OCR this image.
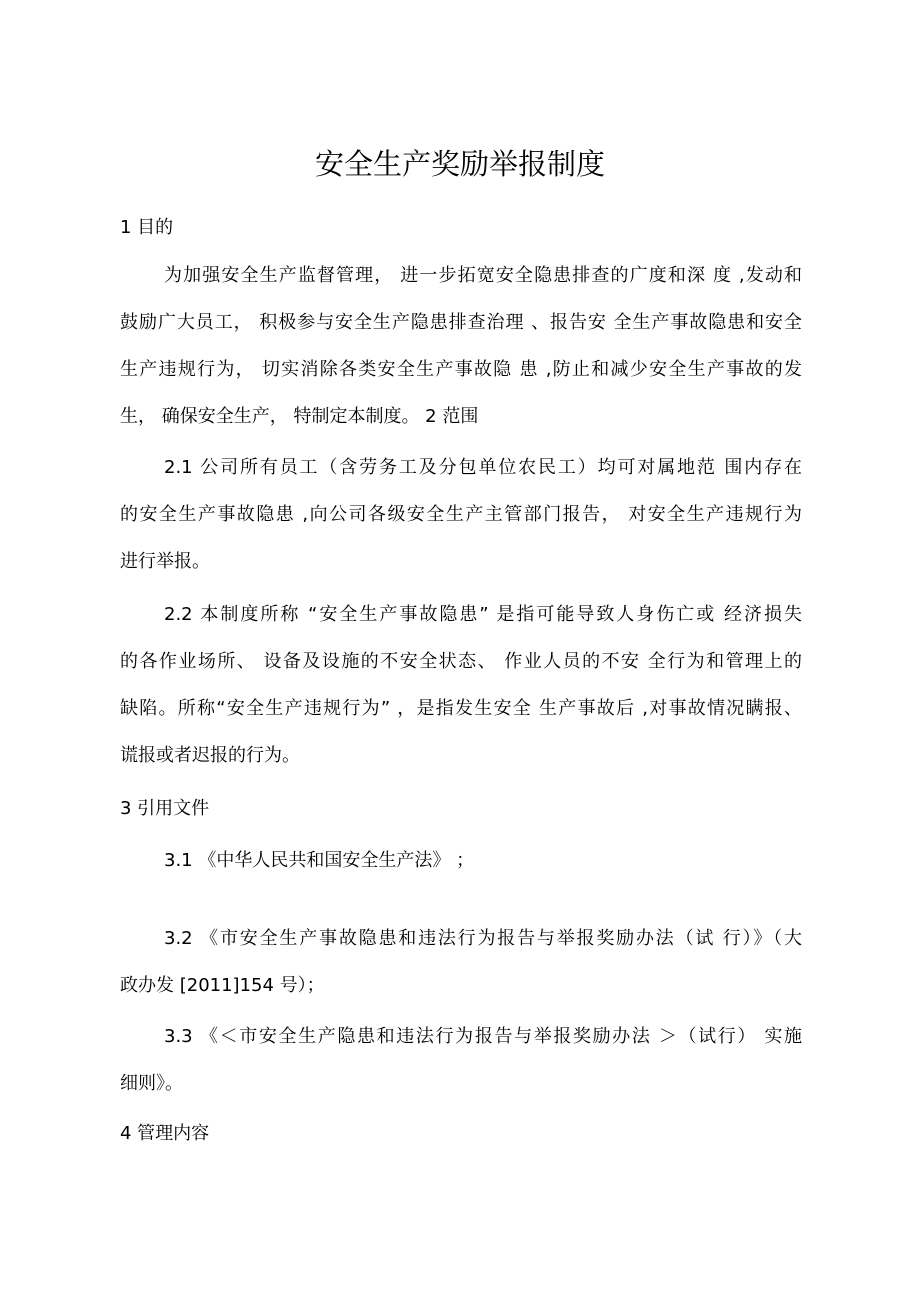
安全生产奖励举报制度
1 目的
为加强安全生产监督管理， 进一步拓宽安全隐患排查的广度和深 度 ,发动和
鼓励广大员工， 积极参与安全生产隐患排查治理 、报告安 全生产事故隐患和安全
生产违规行为， 切实消除各类安全生产事故隐 患 ,防止和减少安全生产事故的发
生， 确保安全生产， 特制定本制度。 2 范围
2.1 公司所有员工（含劳务工及分包单位农民工）均可对属地范 围内存在
的安全生产事故隐患 ,向公司各级安全生产主管部门报告， 对安全生产违规行为
进行举报。
2.2 本制度所称 “安全生产事故隐患” 是指可能导致人身伤亡或 经济损失
的各作业场所、 设备及设施的不安全状态、 作业人员的不安 全行为和管理上的
缺陷。所称“安全生产违规行为” ，是指发生安全 生产事故后 ,对事故情况瞒报、
谎报或者迟报的行为。
3 引用文件
3.1 《中华人民共和国安全生产法》 ；
3.2 《市安全生产事故隐患和违法行为报告与举报奖励办法（试 行）》（大
政办发 [2011]154 号）；
3.3 《＜市安全生产隐患和违法行为报告与举报奖励办法 ＞（试行） 实施
细则》。
4 管理内容
